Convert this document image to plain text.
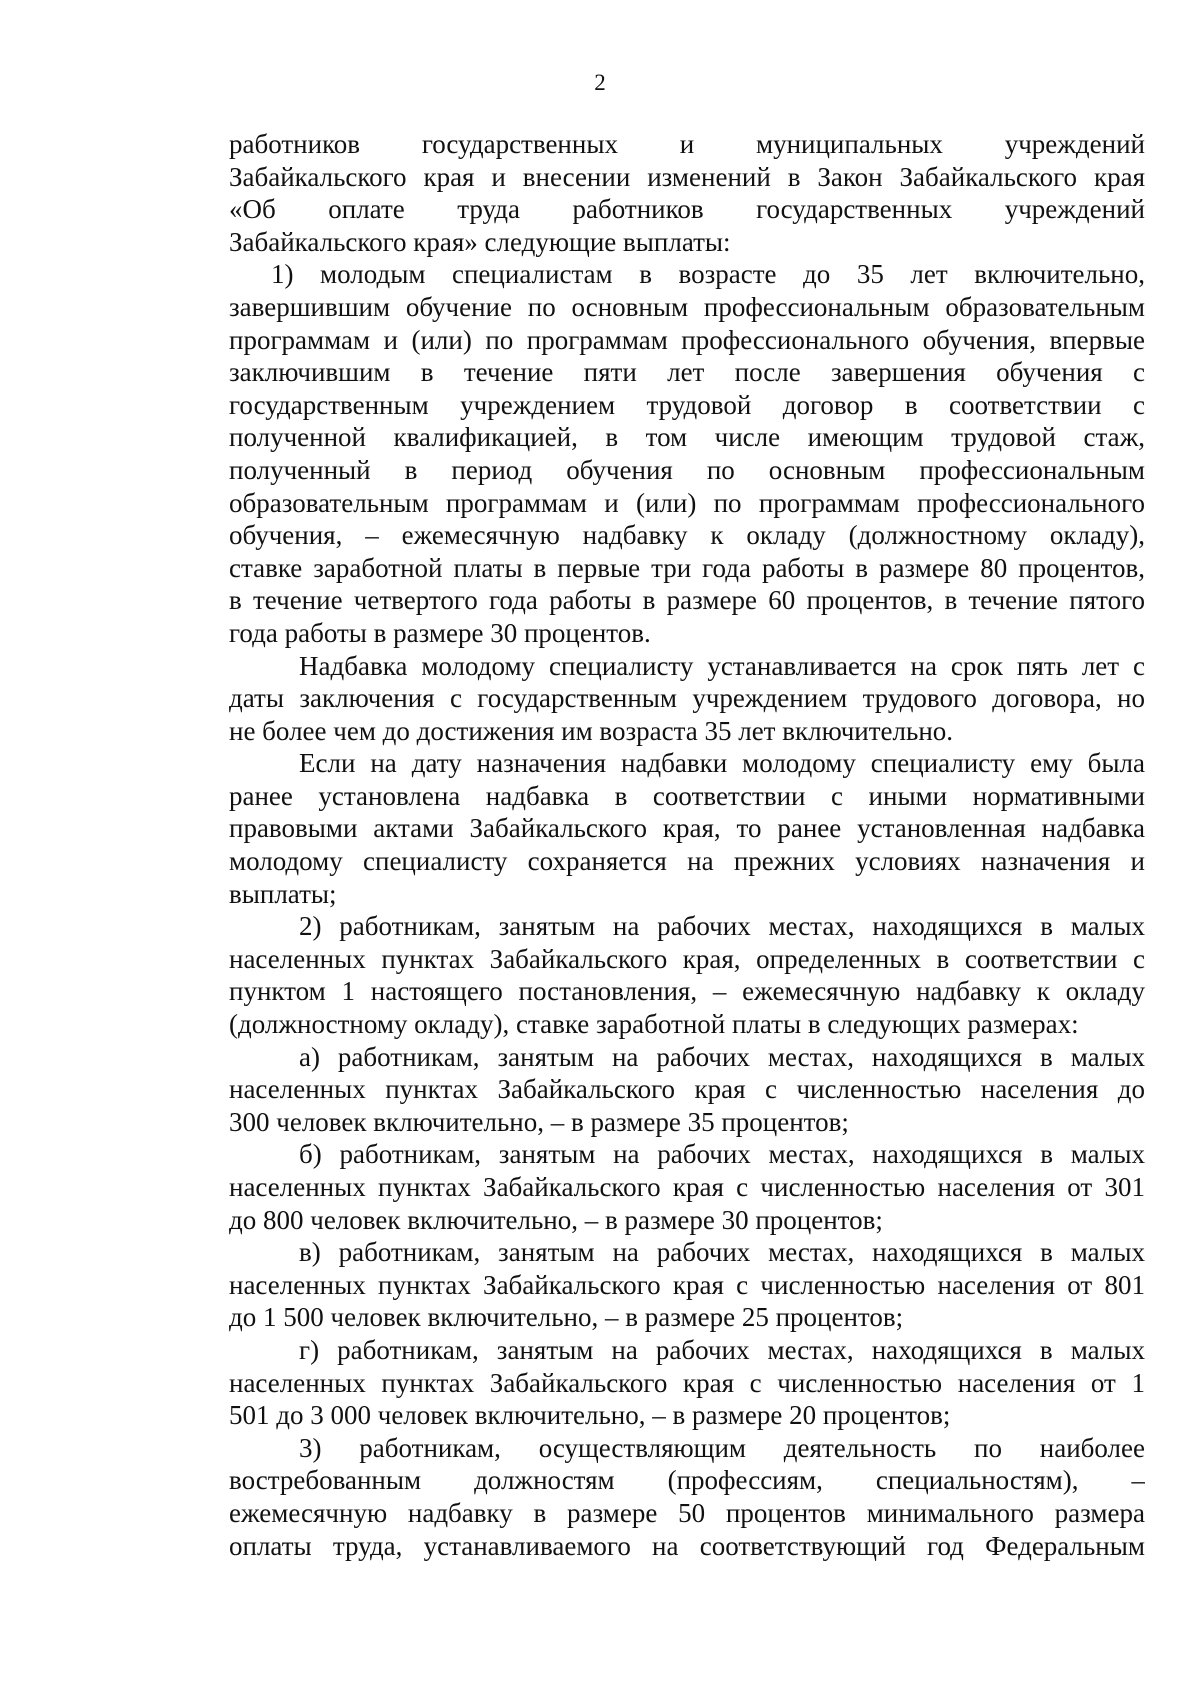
2
работников государственных и муниципальных учреждений
Забайкальского края и внесении изменений в Закон Забайкальского края
«Об оплате труда работников государственных учреждений
Забайкальского края» следующие выплаты:
1) молодым специалистам в возрасте до 35 лет включительно,
завершившим обучение по основным профессиональным образовательным
программам и (или) по программам профессионального обучения, впервые
заключившим в течение пяти лет после завершения обучения с
государственным учреждением трудовой договор в соответствии с
полученной квалификацией, в том числе имеющим трудовой стаж,
полученный в период обучения по основным профессиональным
образовательным программам и (или) по программам профессионального
обучения, – ежемесячную надбавку к окладу (должностному окладу),
ставке заработной платы в первые три года работы в размере 80 процентов,
в течение четвертого года работы в размере 60 процентов, в течение пятого
года работы в размере 30 процентов.
Надбавка молодому специалисту устанавливается на срок пять лет с
даты заключения с государственным учреждением трудового договора, но
не более чем до достижения им возраста 35 лет включительно.
Если на дату назначения надбавки молодому специалисту ему была
ранее установлена надбавка в соответствии с иными нормативными
правовыми актами Забайкальского края, то ранее установленная надбавка
молодому специалисту сохраняется на прежних условиях назначения и
выплаты;
2) работникам, занятым на рабочих местах, находящихся в малых
населенных пунктах Забайкальского края, определенных в соответствии с
пунктом 1 настоящего постановления, – ежемесячную надбавку к окладу
(должностному окладу), ставке заработной платы в следующих размерах:
а) работникам, занятым на рабочих местах, находящихся в малых
населенных пунктах Забайкальского края с численностью населения до
300 человек включительно, – в размере 35 процентов;
б) работникам, занятым на рабочих местах, находящихся в малых
населенных пунктах Забайкальского края с численностью населения от 301
до 800 человек включительно, – в размере 30 процентов;
в) работникам, занятым на рабочих местах, находящихся в малых
населенных пунктах Забайкальского края с численностью населения от 801
до 1 500 человек включительно, – в размере 25 процентов;
г) работникам, занятым на рабочих местах, находящихся в малых
населенных пунктах Забайкальского края с численностью населения от 1
501 до 3 000 человек включительно, – в размере 20 процентов;
3) работникам, осуществляющим деятельность по наиболее
востребованным должностям (профессиям, специальностям), –
ежемесячную надбавку в размере 50 процентов минимального размера
оплаты труда, устанавливаемого на соответствующий год Федеральным
